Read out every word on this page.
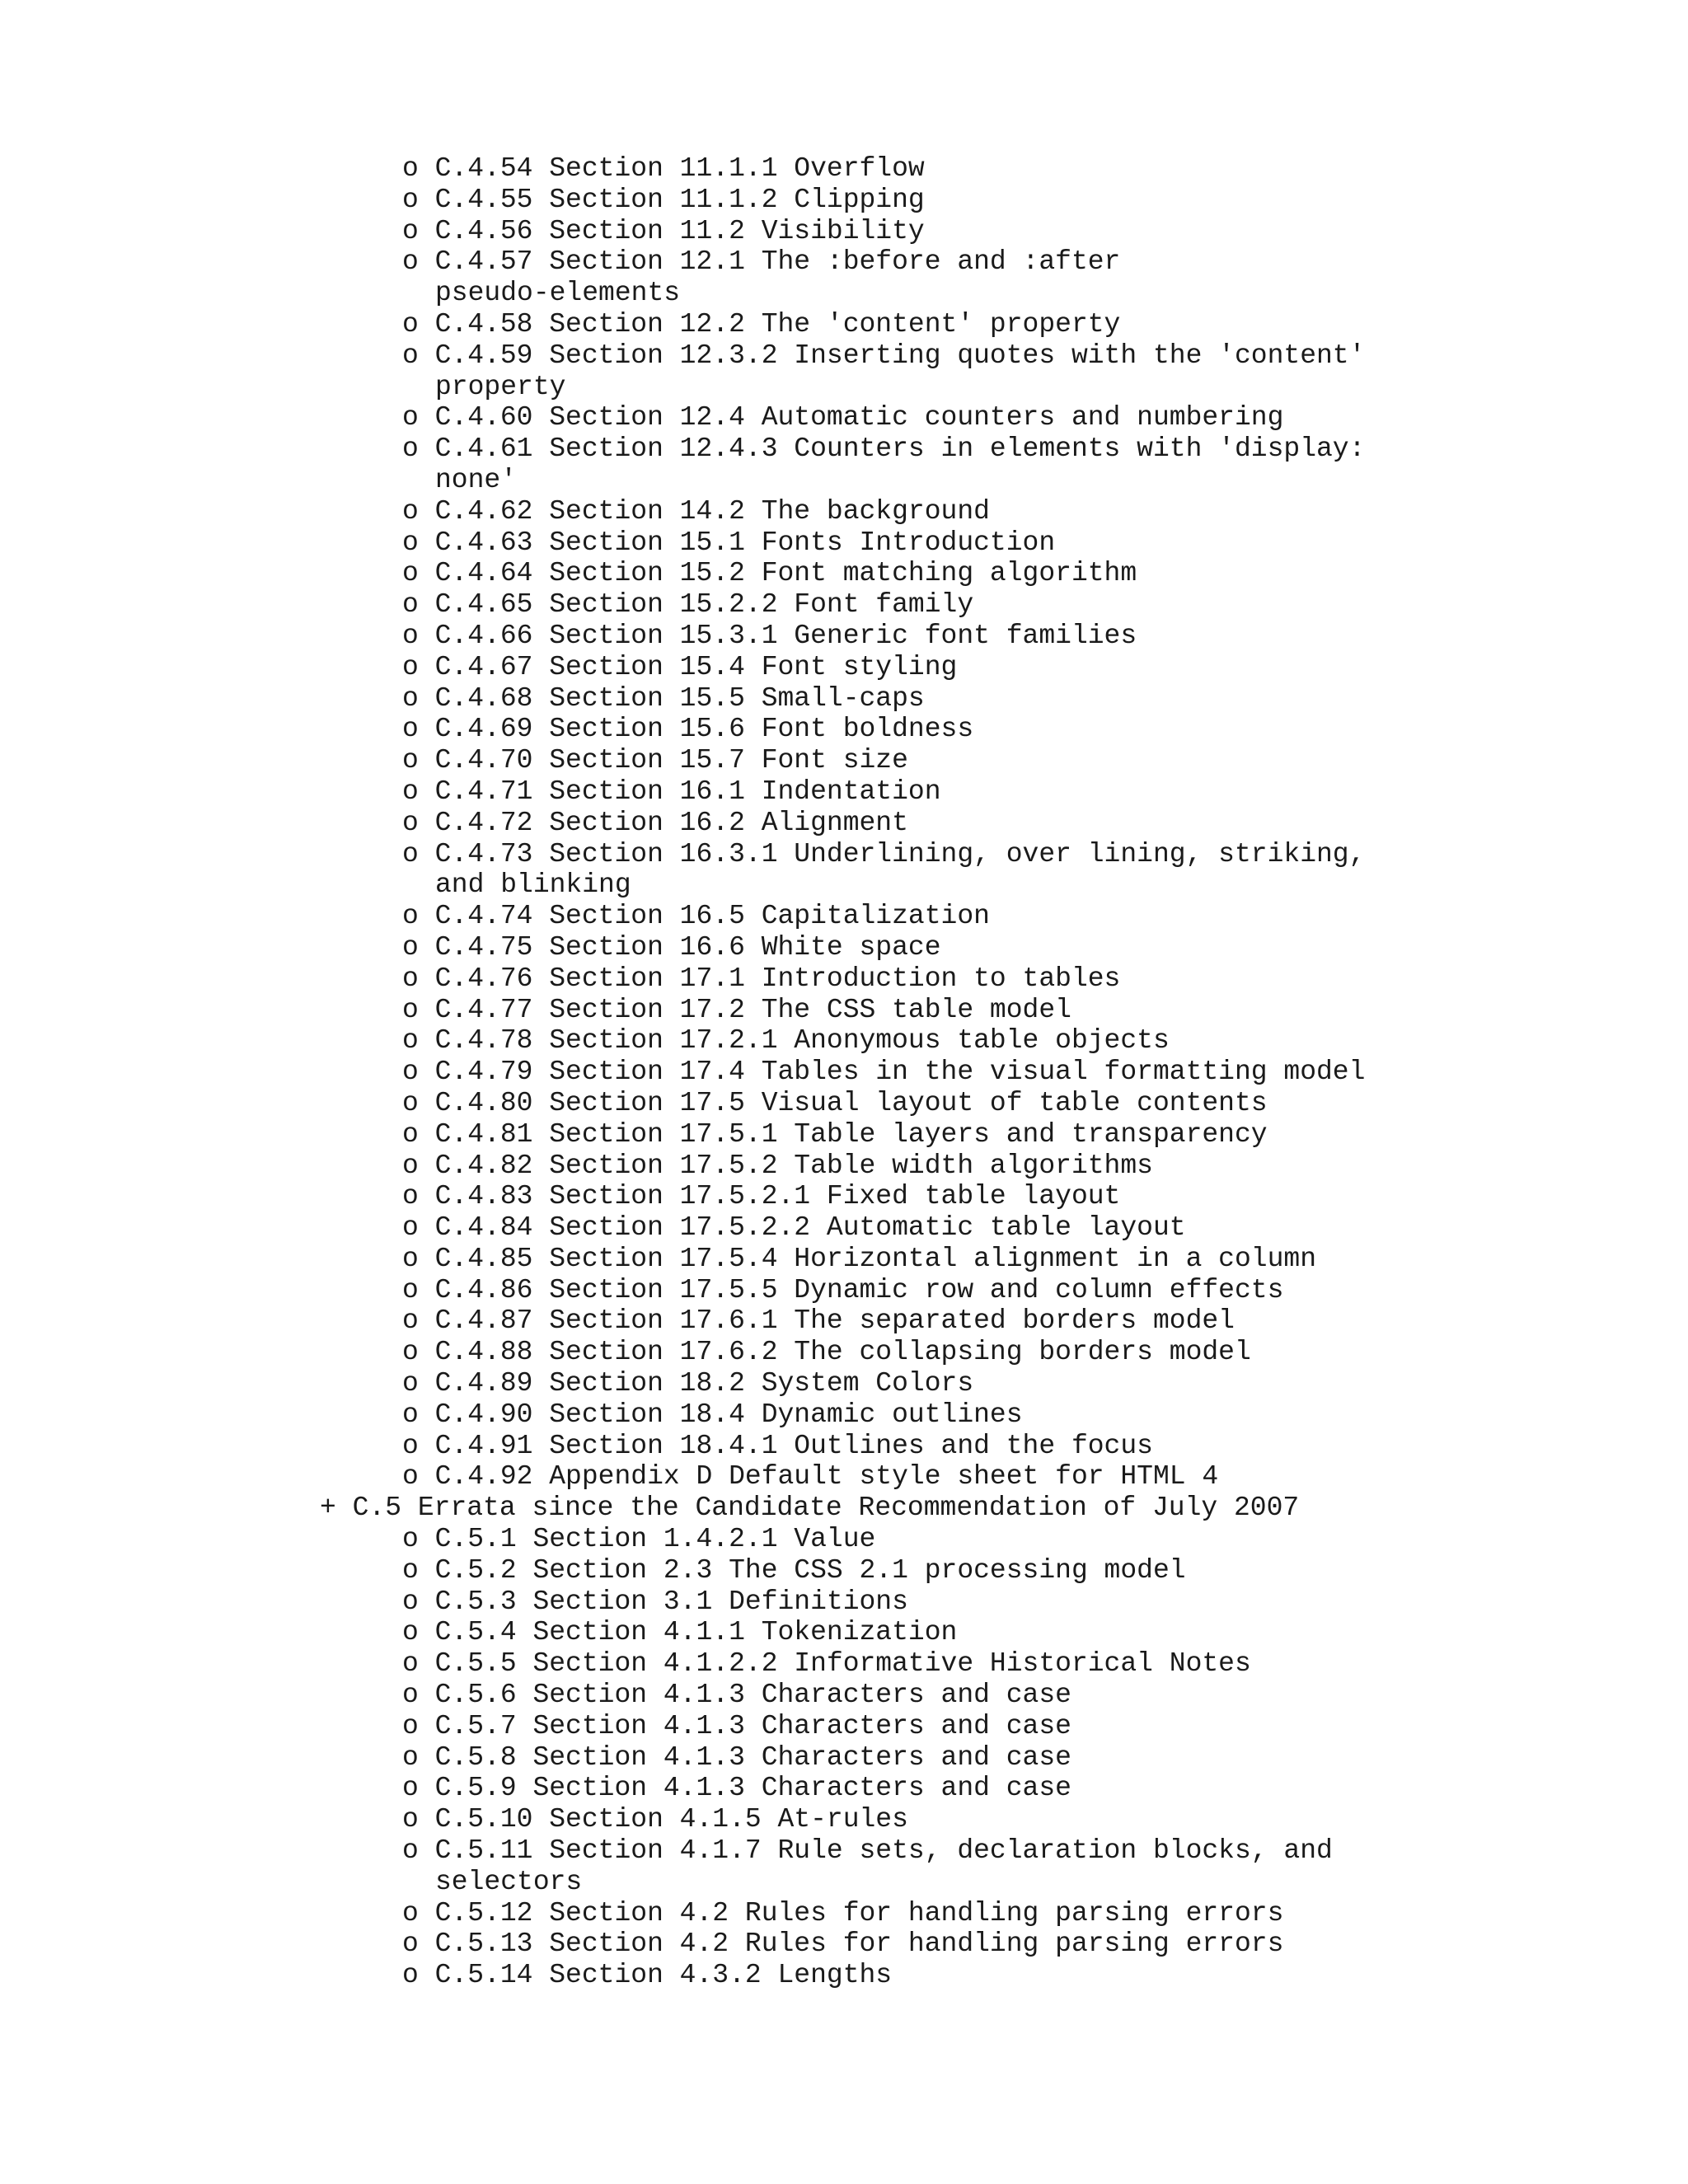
o C.4.54 Section 11.1.1 Overflow
o C.4.55 Section 11.1.2 Clipping
o C.4.56 Section 11.2 Visibility
o C.4.57 Section 12.1 The :before and :after
pseudo-elements
o C.4.58 Section 12.2 The 'content' property
o C.4.59 Section 12.3.2 Inserting quotes with the 'content'
property
o C.4.60 Section 12.4 Automatic counters and numbering
o C.4.61 Section 12.4.3 Counters in elements with 'display:
none'
o C.4.62 Section 14.2 The background
o C.4.63 Section 15.1 Fonts Introduction
o C.4.64 Section 15.2 Font matching algorithm
o C.4.65 Section 15.2.2 Font family
o C.4.66 Section 15.3.1 Generic font families
o C.4.67 Section 15.4 Font styling
o C.4.68 Section 15.5 Small-caps
o C.4.69 Section 15.6 Font boldness
o C.4.70 Section 15.7 Font size
o C.4.71 Section 16.1 Indentation
o C.4.72 Section 16.2 Alignment
o C.4.73 Section 16.3.1 Underlining, over lining, striking,
and blinking
o C.4.74 Section 16.5 Capitalization
o C.4.75 Section 16.6 White space
o C.4.76 Section 17.1 Introduction to tables
o C.4.77 Section 17.2 The CSS table model
o C.4.78 Section 17.2.1 Anonymous table objects
o C.4.79 Section 17.4 Tables in the visual formatting model
o C.4.80 Section 17.5 Visual layout of table contents
o C.4.81 Section 17.5.1 Table layers and transparency
o C.4.82 Section 17.5.2 Table width algorithms
o C.4.83 Section 17.5.2.1 Fixed table layout
o C.4.84 Section 17.5.2.2 Automatic table layout
o C.4.85 Section 17.5.4 Horizontal alignment in a column
o C.4.86 Section 17.5.5 Dynamic row and column effects
o C.4.87 Section 17.6.1 The separated borders model
o C.4.88 Section 17.6.2 The collapsing borders model
o C.4.89 Section 18.2 System Colors
o C.4.90 Section 18.4 Dynamic outlines
o C.4.91 Section 18.4.1 Outlines and the focus
o C.4.92 Appendix D Default style sheet for HTML 4
+ C.5 Errata since the Candidate Recommendation of July 2007
o C.5.1 Section 1.4.2.1 Value
o C.5.2 Section 2.3 The CSS 2.1 processing model
o C.5.3 Section 3.1 Definitions
o C.5.4 Section 4.1.1 Tokenization
o C.5.5 Section 4.1.2.2 Informative Historical Notes
o C.5.6 Section 4.1.3 Characters and case
o C.5.7 Section 4.1.3 Characters and case
o C.5.8 Section 4.1.3 Characters and case
o C.5.9 Section 4.1.3 Characters and case
o C.5.10 Section 4.1.5 At-rules
o C.5.11 Section 4.1.7 Rule sets, declaration blocks, and
selectors
o C.5.12 Section 4.2 Rules for handling parsing errors
o C.5.13 Section 4.2 Rules for handling parsing errors
o C.5.14 Section 4.3.2 Lengths
